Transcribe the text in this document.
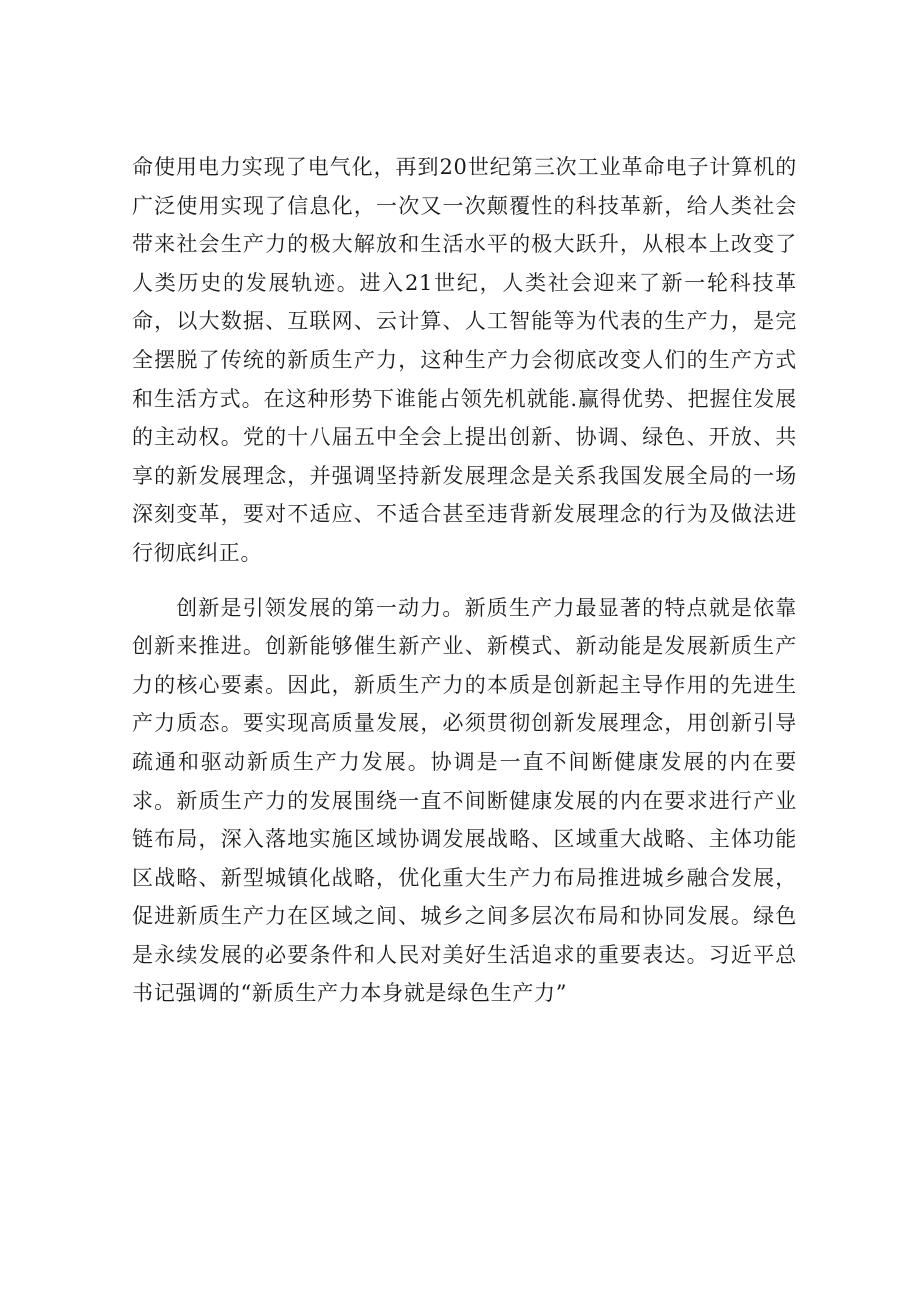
命使用电力实现了电气化，再到20世纪第三次工业革命电子计算机的广泛使用实现了信息化，一次又一次颠覆性的科技革新，给人类社会带来社会生产力的极大解放和生活水平的极大跃升，从根本上改变了人类历史的发展轨迹。进入21世纪，人类社会迎来了新一轮科技革命，以大数据、互联网、云计算、人工智能等为代表的生产力，是完全摆脱了传统的新质生产力，这种生产力会彻底改变人们的生产方式和生活方式。在这种形势下谁能占领先机就能.赢得优势、把握住发展的主动权。党的十八届五中全会上提出创新、协调、绿色、开放、共享的新发展理念，并强调坚持新发展理念是关系我国发展全局的一场深刻变革，要对不适应、不适合甚至违背新发展理念的行为及做法进行彻底纠正。

创新是引领发展的第一动力。新质生产力最显著的特点就是依靠创新来推进。创新能够催生新产业、新模式、新动能是发展新质生产力的核心要素。因此，新质生产力的本质是创新起主导作用的先进生产力质态。要实现高质量发展，必须贯彻创新发展理念，用创新引导疏通和驱动新质生产力发展。协调是一直不间断健康发展的内在要求。新质生产力的发展围绕一直不间断健康发展的内在要求进行产业链布局，深入落地实施区域协调发展战略、区域重大战略、主体功能区战略、新型城镇化战略，优化重大生产力布局推进城乡融合发展，促进新质生产力在区域之间、城乡之间多层次布局和协同发展。绿色是永续发展的必要条件和人民对美好生活追求的重要表达。习近平总书记强调的“新质生产力本身就是绿色生产力”
